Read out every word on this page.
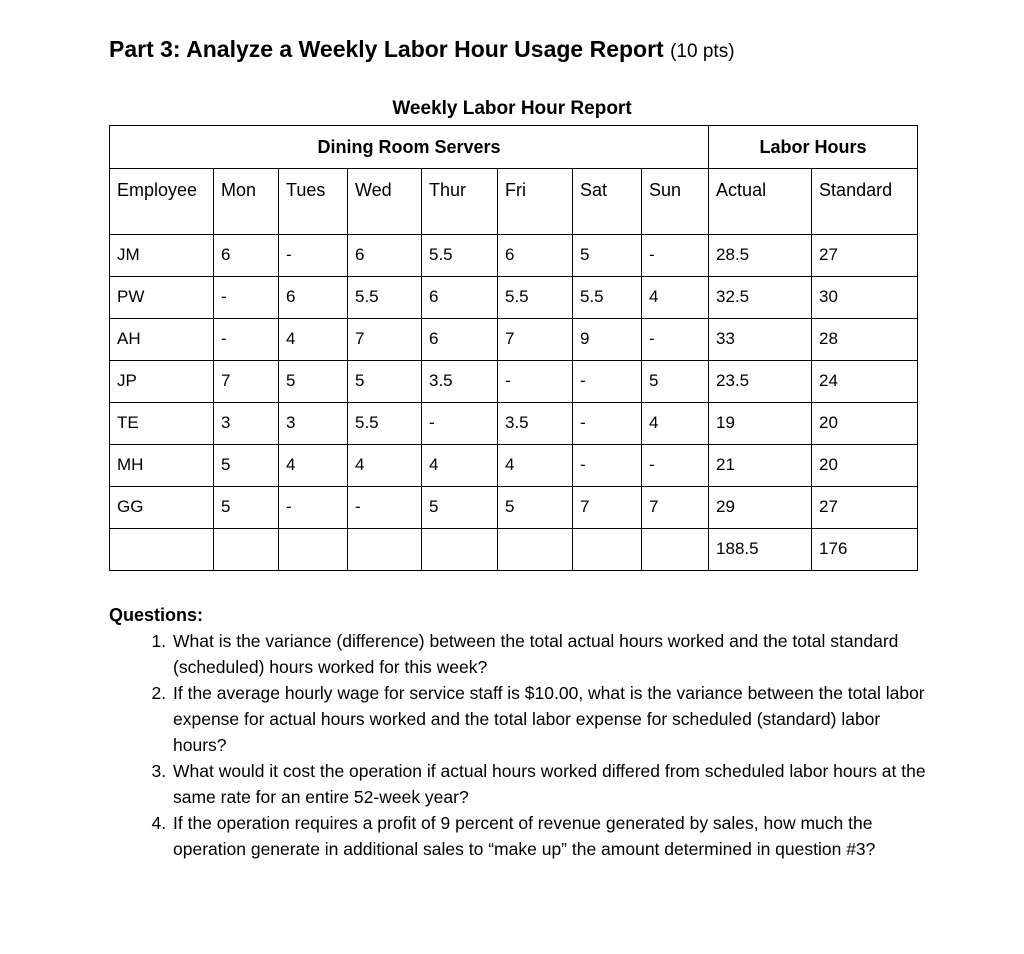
Part 3: Analyze a Weekly Labor Hour Usage Report (10 pts)
Weekly Labor Hour Report
Dining Room Servers								Labor Hours	
Employee	Mon	Tues	Wed	Thur	Fri	Sat	Sun	Actual	Standard
JM	6	-	6	5.5	6	5	-	28.5	27
PW	-	6	5.5	6	5.5	5.5	4	32.5	30
AH	-	4	7	6	7	9	-	33	28
JP	7	5	5	3.5	-	-	5	23.5	24
TE	3	3	5.5	-	3.5	-	4	19	20
MH	5	4	4	4	4	-	-	21	20
GG	5	-	-	5	5	7	7	29	27
								188.5	176
Questions:
1. What is the variance (difference) between the total actual hours worked and the total standard (scheduled) hours worked for this week?
2. If the average hourly wage for service staff is $10.00, what is the variance between the total labor expense for actual hours worked and the total labor expense for scheduled (standard) labor hours?
3. What would it cost the operation if actual hours worked differed from scheduled labor hours at the same rate for an entire 52-week year?
4. If the operation requires a profit of 9 percent of revenue generated by sales, how much the operation generate in additional sales to “make up” the amount determined in question #3?
